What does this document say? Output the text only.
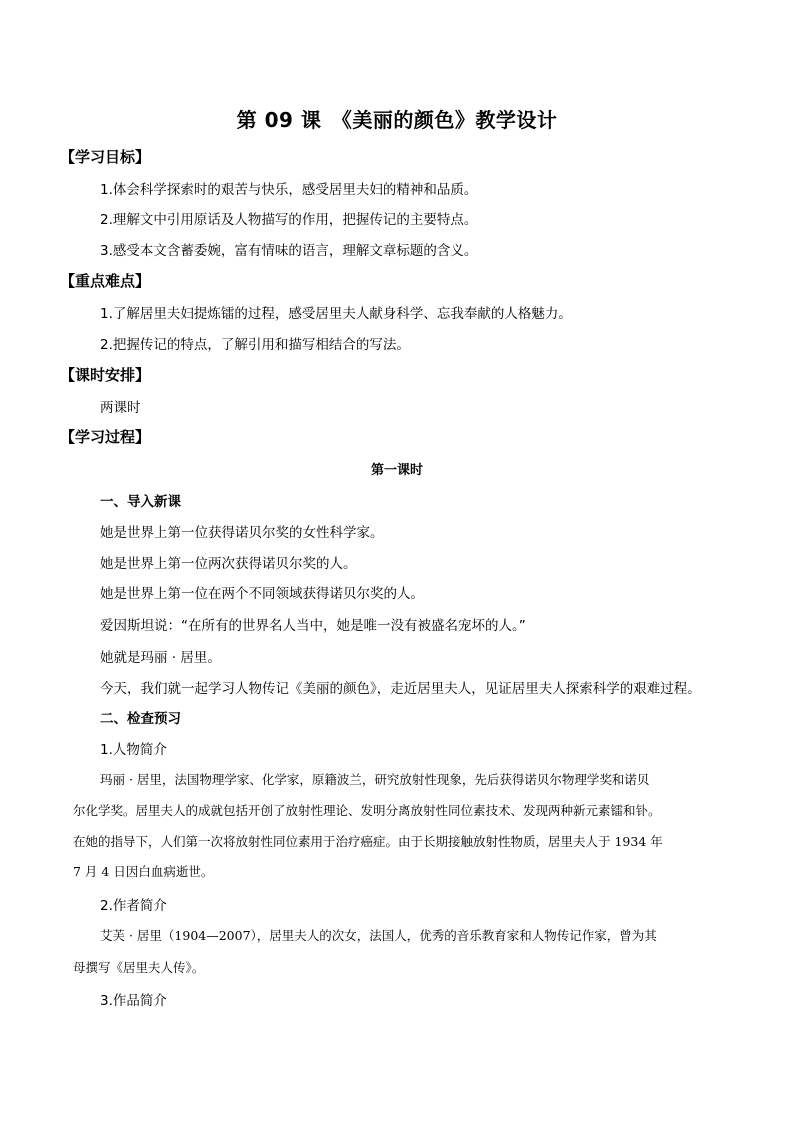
第 09 课　《美丽的颜色》教学设计
【学习目标】
1.体会科学探索时的艰苦与快乐，感受居里夫妇的精神和品质。
2.理解文中引用原话及人物描写的作用，把握传记的主要特点。
3.感受本文含蓄委婉，富有情味的语言，理解文章标题的含义。
【重点难点】
1.了解居里夫妇提炼镭的过程，感受居里夫人献身科学、忘我奉献的人格魅力。
2.把握传记的特点，了解引用和描写相结合的写法。
【课时安排】
两课时
【学习过程】
第一课时
一、导入新课
她是世界上第一位获得诺贝尔奖的女性科学家。
她是世界上第一位两次获得诺贝尔奖的人。
她是世界上第一位在两个不同领域获得诺贝尔奖的人。
爱因斯坦说：“在所有的世界名人当中，她是唯一没有被盛名宠坏的人。”
她就是玛丽 · 居里。
今天，我们就一起学习人物传记《美丽的颜色》，走近居里夫人，见证居里夫人探索科学的艰难过程。
二、检查预习
1.人物简介
玛丽 · 居里，法国物理学家、化学家，原籍波兰，研究放射性现象，先后获得诺贝尔物理学奖和诺贝
尔化学奖。居里夫人的成就包括开创了放射性理论、发明分离放射性同位素技术、发现两种新元素镭和钋。
在她的指导下，人们第一次将放射性同位素用于治疗癌症。由于长期接触放射性物质，居里夫人于 1934 年
7 月 4 日因白血病逝世。
2.作者简介
艾芙 · 居里（1904—2007），居里夫人的次女，法国人，优秀的音乐教育家和人物传记作家，曾为其
母撰写《居里夫人传》。
3.作品简介
